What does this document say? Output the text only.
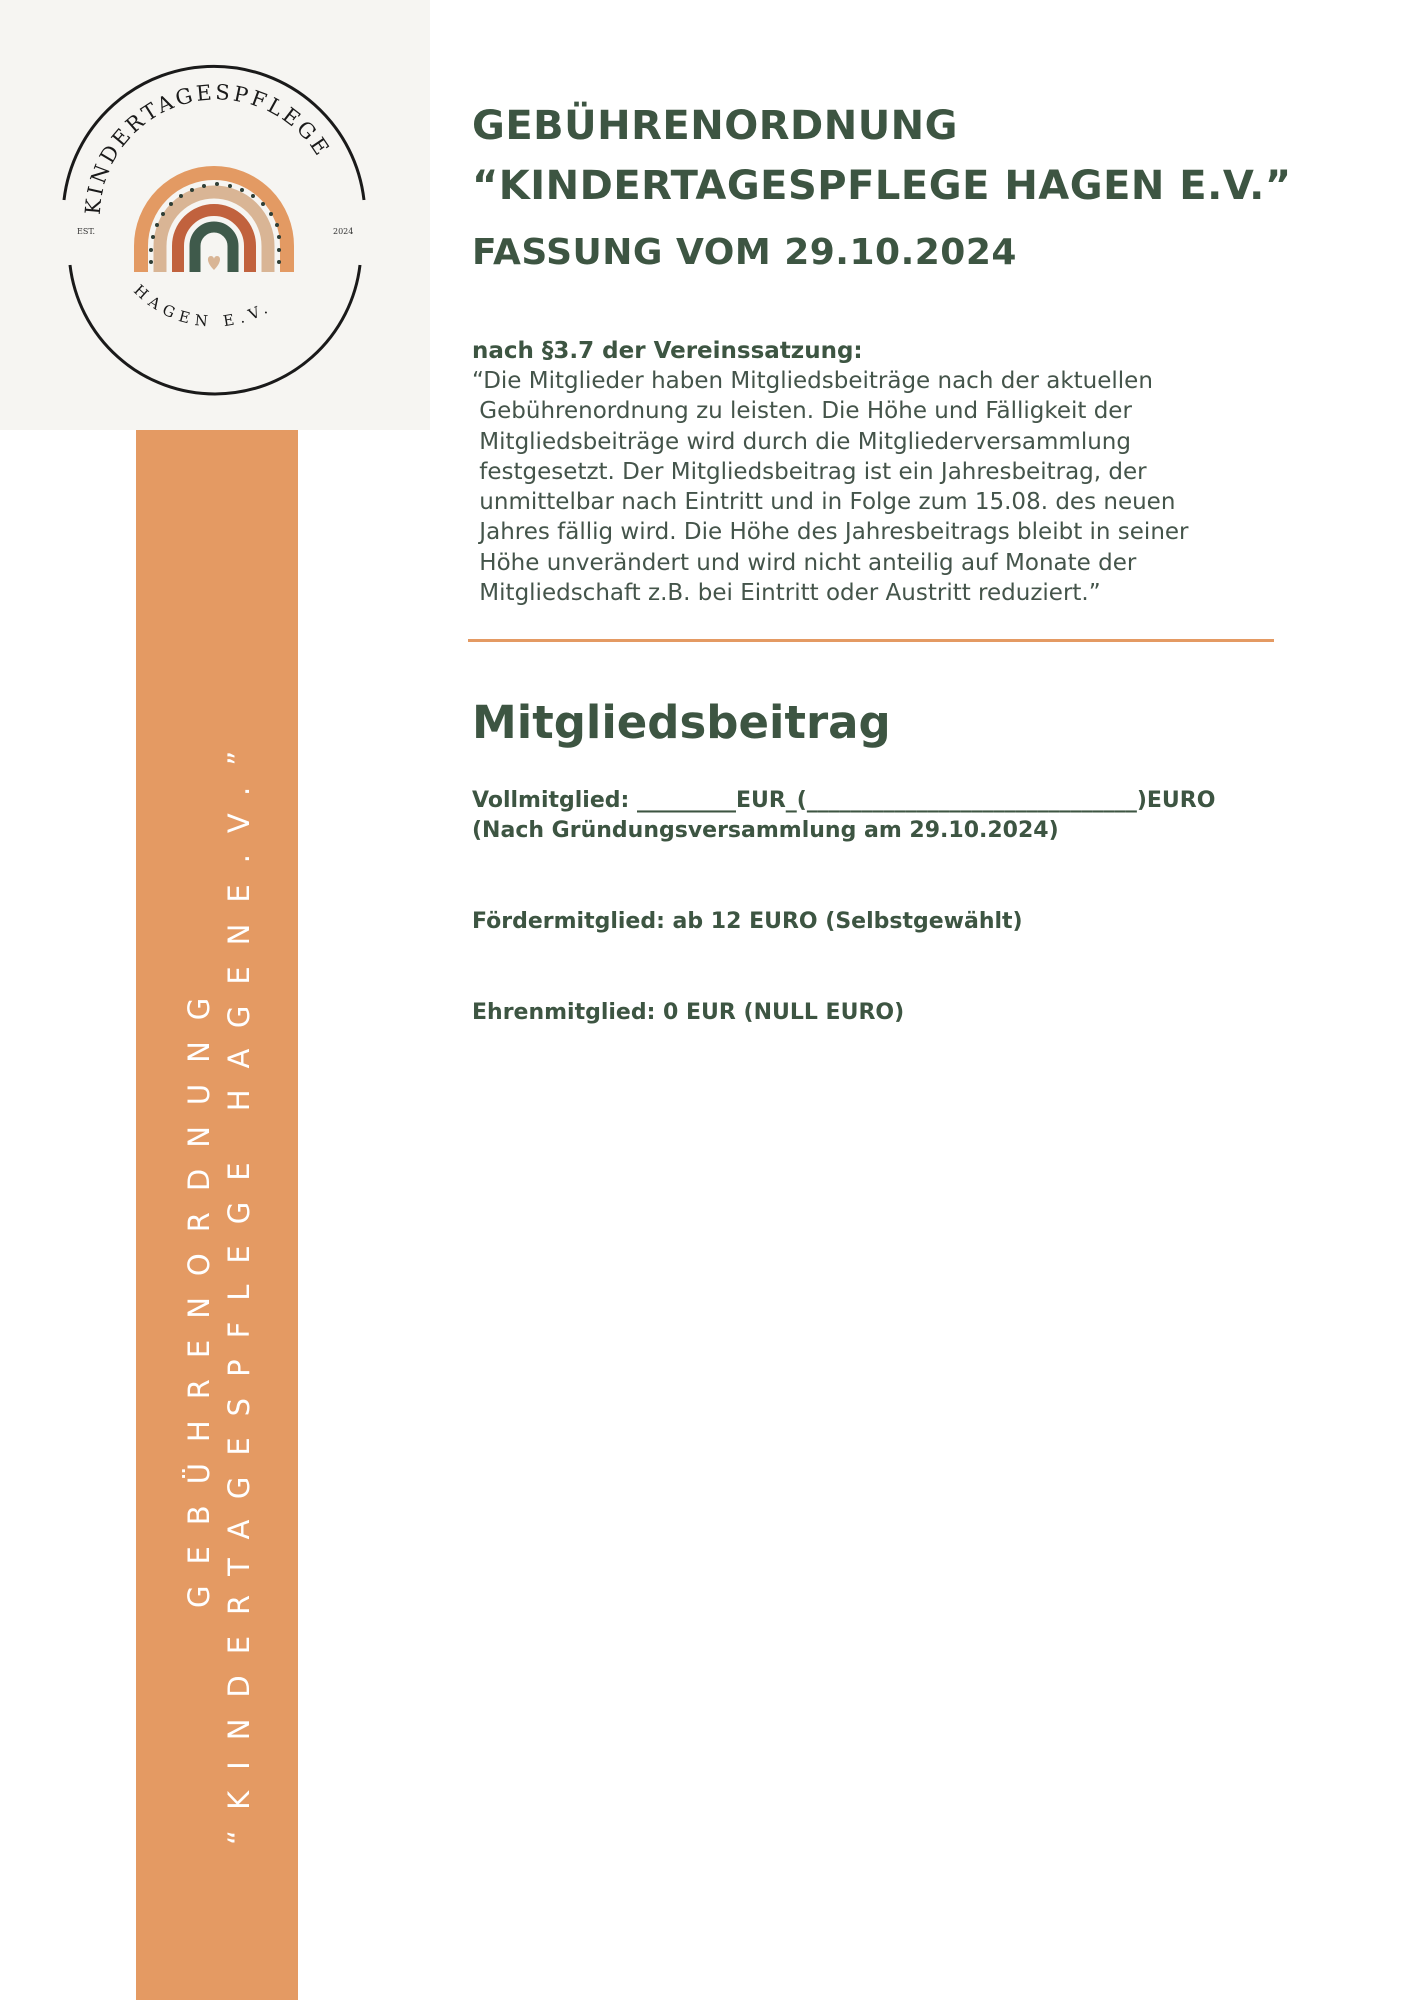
KINDERTAGESPFLEGE
HAGEN E.V.
EST.	2024
GEBÜHRENORDNUNG “KINDERTAGESPFLEGE HAGENE.V.”
GEBÜHRENORDNUNG
“KINDERTAGESPFLEGE HAGEN E.V.”
FASSUNG VOM 29.10.2024
nach §3.7 der Vereinssatzung:
“Die Mitglieder haben Mitgliedsbeiträge nach der aktuellen
Gebührenordnung zu leisten. Die Höhe und Fälligkeit der
Mitgliedsbeiträge wird durch die Mitgliederversammlung
festgesetzt. Der Mitgliedsbeitrag ist ein Jahresbeitrag, der
unmittelbar nach Eintritt und in Folge zum 15.08. des neuen
Jahres fällig wird. Die Höhe des Jahresbeitrags bleibt in seiner
Höhe unverändert und wird nicht anteilig auf Monate der
Mitgliedschaft z.B. bei Eintritt oder Austritt reduziert.”
Mitgliedsbeitrag
Vollmitglied: _________EUR_(______________________________)EURO
(Nach Gründungsversammlung am 29.10.2024)
Fördermitglied: ab 12 EURO (Selbstgewählt)
Ehrenmitglied: 0 EUR (NULL EURO)
